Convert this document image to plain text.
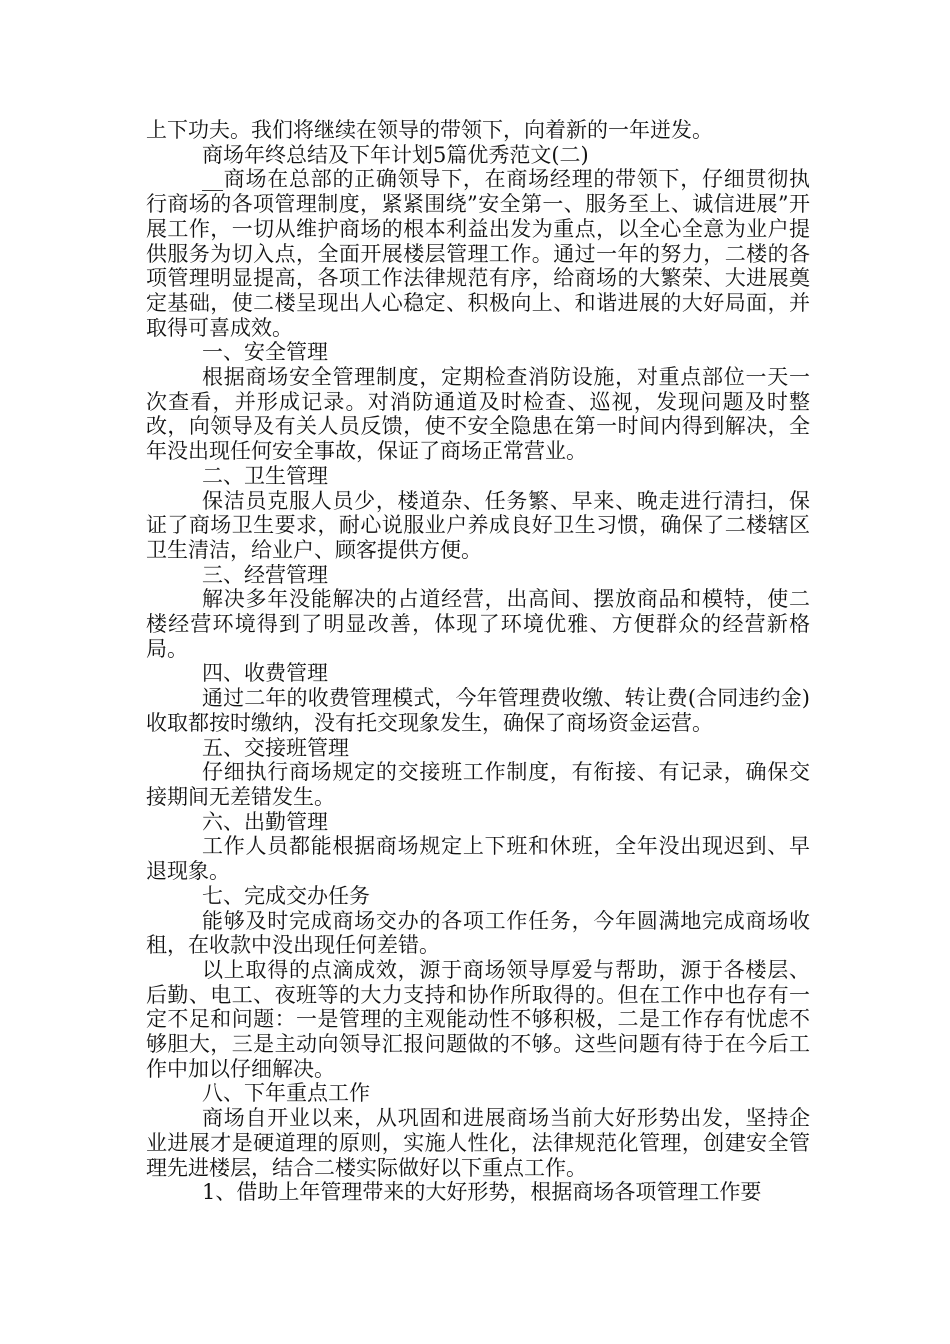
上下功夫。我们将继续在领导的带领下，向着新的一年迸发。

商场年终总结及下年计划5篇优秀范文(二)

__商场在总部的正确领导下，在商场经理的带领下，仔细贯彻执行商场的各项管理制度，紧紧围绕”安全第一、服务至上、诚信进展”开展工作，一切从维护商场的根本利益出发为重点，以全心全意为业户提供服务为切入点，全面开展楼层管理工作。通过一年的努力，二楼的各项管理明显提高，各项工作法律规范有序，给商场的大繁荣、大进展奠定基础，使二楼呈现出人心稳定、积极向上、和谐进展的大好局面，并取得可喜成效。

一、安全管理

根据商场安全管理制度，定期检查消防设施，对重点部位一天一次查看，并形成记录。对消防通道及时检查、巡视，发现问题及时整改，向领导及有关人员反馈，使不安全隐患在第一时间内得到解决，全年没出现任何安全事故，保证了商场正常营业。

二、卫生管理

保洁员克服人员少，楼道杂、任务繁、早来、晚走进行清扫，保证了商场卫生要求，耐心说服业户养成良好卫生习惯，确保了二楼辖区卫生清洁，给业户、顾客提供方便。

三、经营管理

解决多年没能解决的占道经营，出高间、摆放商品和模特，使二楼经营环境得到了明显改善，体现了环境优雅、方便群众的经营新格局。

四、收费管理

通过二年的收费管理模式，今年管理费收缴、转让费(合同违约金)收取都按时缴纳，没有托交现象发生，确保了商场资金运营。

五、交接班管理

仔细执行商场规定的交接班工作制度，有衔接、有记录，确保交接期间无差错发生。

六、出勤管理

工作人员都能根据商场规定上下班和休班，全年没出现迟到、早退现象。

七、完成交办任务

能够及时完成商场交办的各项工作任务，今年圆满地完成商场收租，在收款中没出现任何差错。

以上取得的点滴成效，源于商场领导厚爱与帮助，源于各楼层、后勤、电工、夜班等的大力支持和协作所取得的。但在工作中也存有一定不足和问题：一是管理的主观能动性不够积极，二是工作存有忧虑不够胆大，三是主动向领导汇报问题做的不够。这些问题有待于在今后工作中加以仔细解决。

八、下年重点工作

商场自开业以来，从巩固和进展商场当前大好形势出发，坚持企业进展才是硬道理的原则，实施人性化，法律规范化管理，创建安全管理先进楼层，结合二楼实际做好以下重点工作。

1、借助上年管理带来的大好形势，根据商场各项管理工作要
